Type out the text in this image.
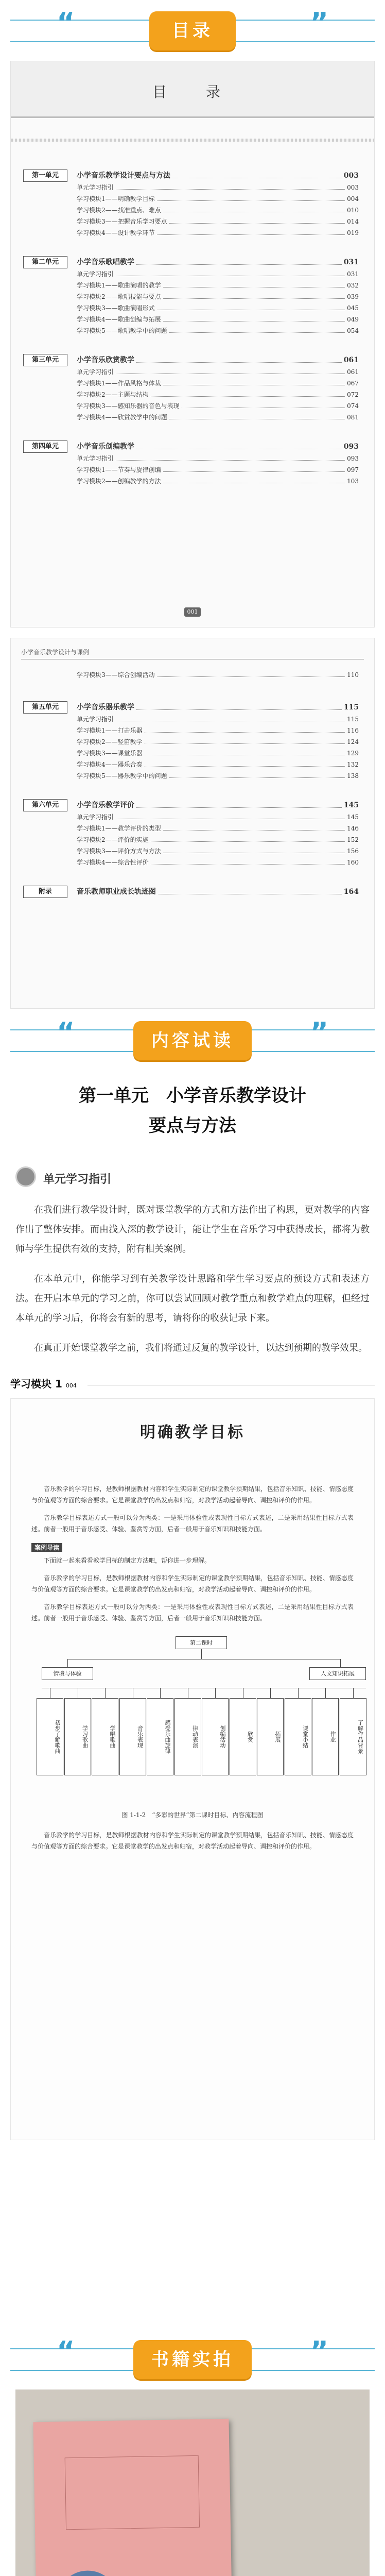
“	”
目录
目　录
第一单元	小学音乐教学设计要点与方法	003
单元学习指引	003
学习模块1——明确教学目标	004
学习模块2——找准重点、难点	010
学习模块3——把握音乐学习要点	014
学习模块4——设计教学环节	019
第二单元	小学音乐歌唱教学	031
单元学习指引	031
学习模块1——歌曲演唱的教学	032
学习模块2——歌唱技能与要点	039
学习模块3——歌曲演唱形式	045
学习模块4——歌曲创编与拓展	049
学习模块5——歌唱教学中的问题	054
第三单元	小学音乐欣赏教学	061
单元学习指引	061
学习模块1——作品风格与体裁	067
学习模块2——主题与结构	072
学习模块3——感知乐器的音色与表现	074
学习模块4——欣赏教学中的问题	081
第四单元	小学音乐创编教学	093
单元学习指引	093
学习模块1——节奏与旋律创编	097
学习模块2——创编教学的方法	103
001
小学音乐教学设计与课例
学习模块3——综合创编活动	110
第五单元	小学音乐器乐教学	115
单元学习指引	115
学习模块1——打击乐器	116
学习模块2——竖笛教学	124
学习模块3——课堂乐器	129
学习模块4——器乐合奏	132
学习模块5——器乐教学中的问题	138
第六单元	小学音乐教学评价	145
单元学习指引	145
学习模块1——教学评价的类型	146
学习模块2——评价的实施	152
学习模块3——评价方式与方法	156
学习模块4——综合性评价	160
附录	音乐教师职业成长轨迹图	164
“	”
内容试读
第一单元　小学音乐教学设计
要点与方法
单元学习指引

在我们进行教学设计时，既对课堂教学的方式和方法作出了构思，更对教学的内容作出了整体安排。而由浅入深的教学设计，能让学生在音乐学习中获得成长，都将为教师与学生提供有效的支持，附有相关案例。

在本单元中，你能学习到有关教学设计思路和学生学习要点的预设方式和表述方法。在开启本单元的学习之前，你可以尝试回顾对教学重点和教学难点的理解，但经过本单元的学习后，你将会有新的思考，请将你的收获记录下来。

在真正开始课堂教学之前，我们将通过反复的教学设计，以达到预期的教学效果。

学习模块 1 004
明确教学目标

音乐教学的学习目标，是教师根据教材内容和学生实际制定的课堂教学预期结果，包括音乐知识、技能、情感态度与价值观等方面的综合要求。它是课堂教学的出发点和归宿，对教学活动起着导向、调控和评价的作用。

音乐教学目标表述方式一般可以分为两类：一是采用体验性或表现性目标方式表述，二是采用结果性目标方式表述。前者一般用于音乐感受、体验、鉴赏等方面，后者一般用于音乐知识和技能方面。

案例导读

下面就一起来看看教学目标的制定方法吧，帮你进一步理解。

音乐教学的学习目标，是教师根据教材内容和学生实际制定的课堂教学预期结果，包括音乐知识、技能、情感态度与价值观等方面的综合要求。它是课堂教学的出发点和归宿，对教学活动起着导向、调控和评价的作用。

音乐教学目标表述方式一般可以分为两类：一是采用体验性或表现性目标方式表述，二是采用结果性目标方式表述。前者一般用于音乐感受、体验、鉴赏等方面，后者一般用于音乐知识和技能方面。

第二课时
情境与体验	人文知识拓展
初步了解歌曲	学习歌曲	学唱歌曲	音乐表现	感受乐曲旋律	律动表演	创编活动	欣赏	拓展	课堂小结	作业	了解作品背景
图 1-1-2　“多彩的世界”第二课时目标、内容流程图

音乐教学的学习目标，是教师根据教材内容和学生实际制定的课堂教学预期结果，包括音乐知识、技能、情感态度与价值观等方面的综合要求。它是课堂教学的出发点和归宿，对教学活动起着导向、调控和评价的作用。

“	”
书籍实拍
